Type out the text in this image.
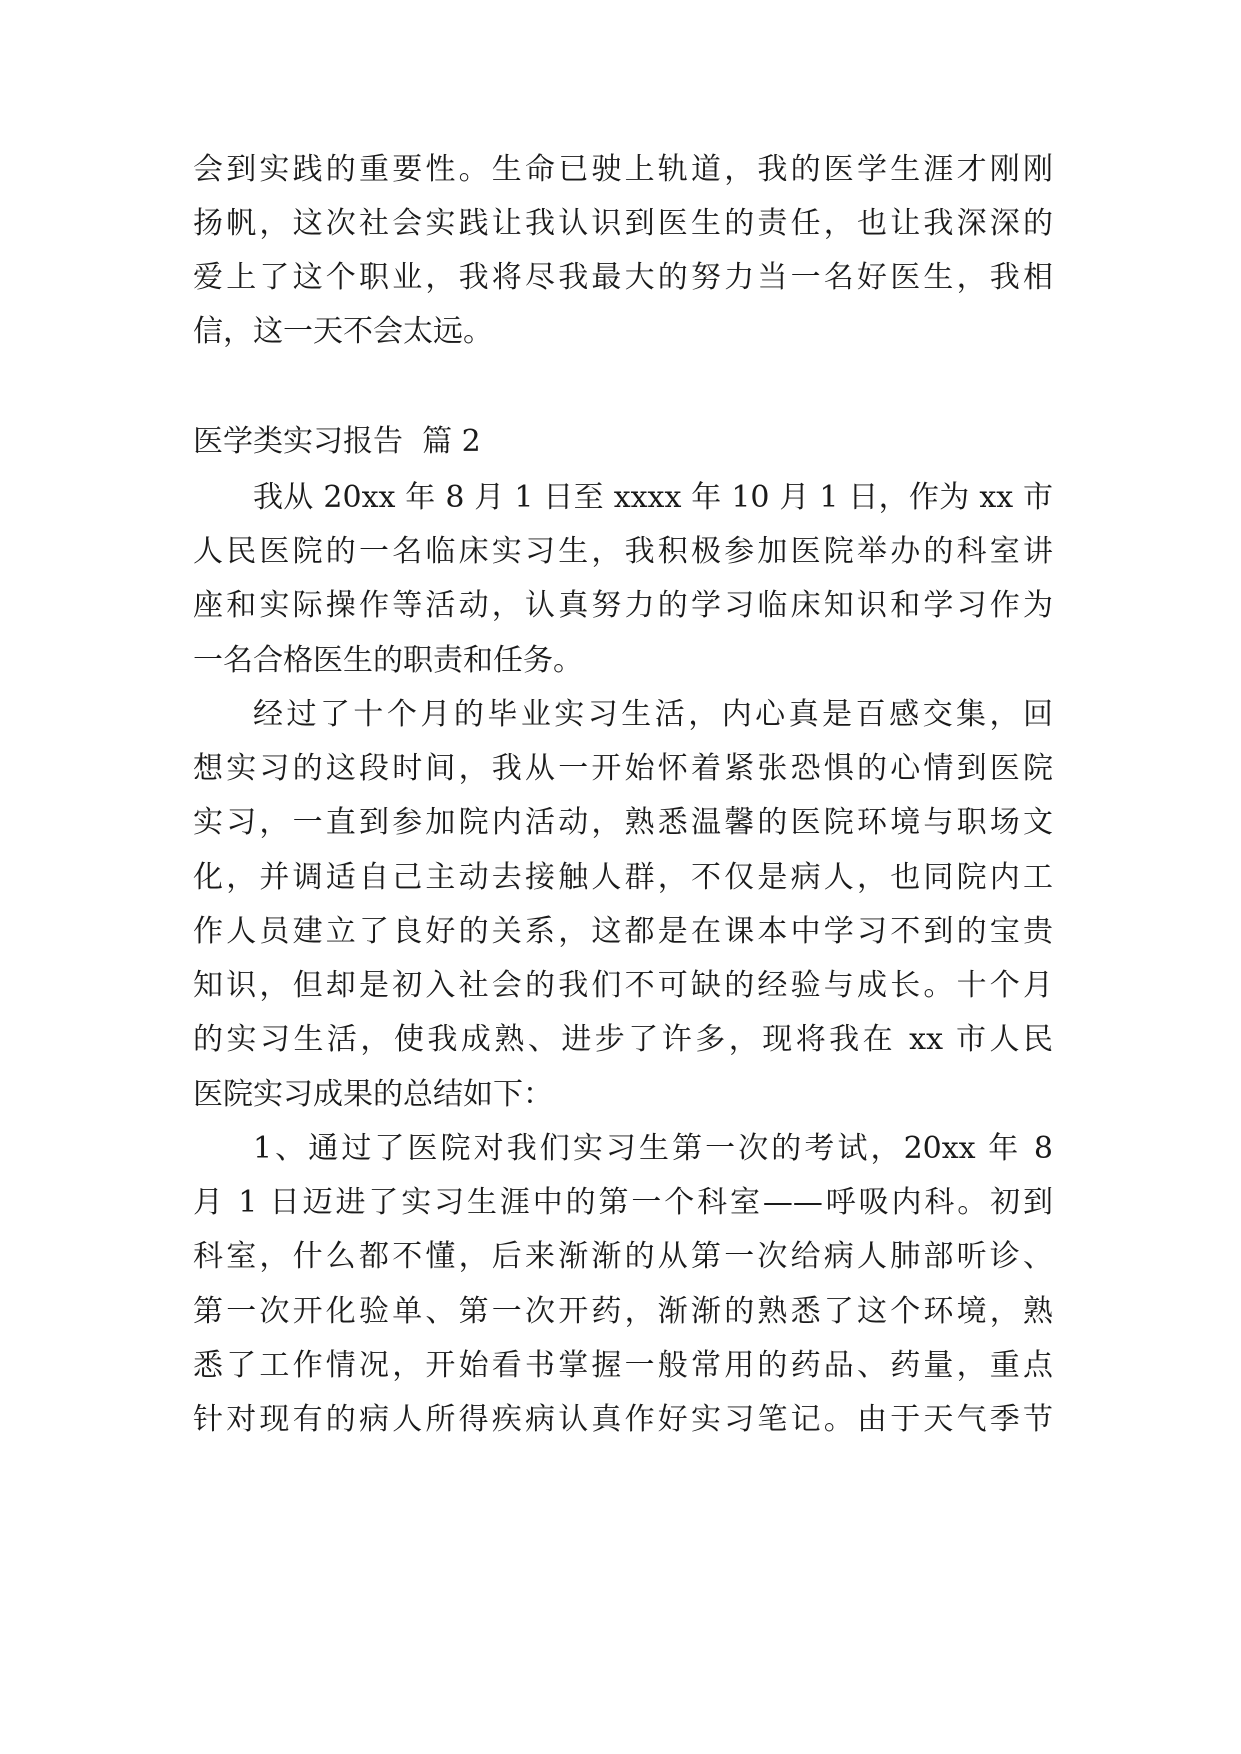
会到实践的重要性。生命已驶上轨道，我的医学生涯才刚刚

扬帆，这次社会实践让我认识到医生的责任，也让我深深的

爱上了这个职业，我将尽我最大的努力当一名好医生，我相

信，这一天不会太远。

医学类实习报告  篇 2

我从 20xx 年 8 月 1 日至 xxxx 年 10 月 1 日，作为 xx 市

人民医院的一名临床实习生，我积极参加医院举办的科室讲

座和实际操作等活动，认真努力的学习临床知识和学习作为

一名合格医生的职责和任务。

经过了十个月的毕业实习生活，内心真是百感交集，回

想实习的这段时间，我从一开始怀着紧张恐惧的心情到医院

实习，一直到参加院内活动，熟悉温馨的医院环境与职场文

化，并调适自己主动去接触人群，不仅是病人，也同院内工

作人员建立了良好的关系，这都是在课本中学习不到的宝贵

知识，但却是初入社会的我们不可缺的经验与成长。十个月

的实习生活，使我成熟、进步了许多，现将我在 xx 市人民

医院实习成果的总结如下：

1、通过了医院对我们实习生第一次的考试，20xx 年 8

月 1 日迈进了实习生涯中的第一个科室——呼吸内科。初到

科室，什么都不懂，后来渐渐的从第一次给病人肺部听诊、

第一次开化验单、第一次开药，渐渐的熟悉了这个环境，熟

悉了工作情况，开始看书掌握一般常用的药品、药量，重点

针对现有的病人所得疾病认真作好实习笔记。由于天气季节
